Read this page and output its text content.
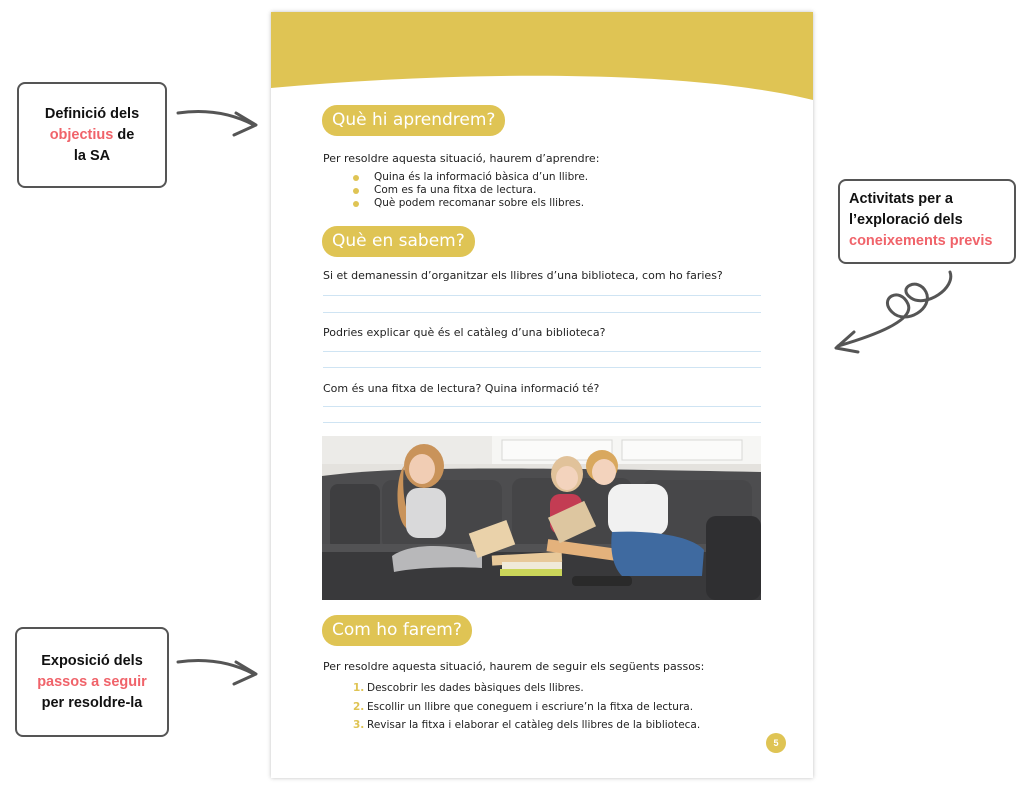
Definició dels
objectius de
la SA
Exposició dels
passos a seguir
per resoldre-la
Activitats per a
l’exploració dels
coneixements previs
Què hi aprendrem?
Per resoldre aquesta situació, haurem d’aprendre:
Quina és la informació bàsica d’un llibre.
Com es fa una fitxa de lectura.
Què podem recomanar sobre els llibres.
Què en sabem?
Si et demanessin d’organitzar els llibres d’una biblioteca, com ho faries?
Podries explicar què és el catàleg d’una biblioteca?
Com és una fitxa de lectura? Quina informació té?
Com ho farem?
Per resoldre aquesta situació, haurem de seguir els següents passos:
1. Descobrir les dades bàsiques dels llibres.
2. Escollir un llibre que coneguem i escriure’n la fitxa de lectura.
3. Revisar la fitxa i elaborar el catàleg dels llibres de la biblioteca.
5
